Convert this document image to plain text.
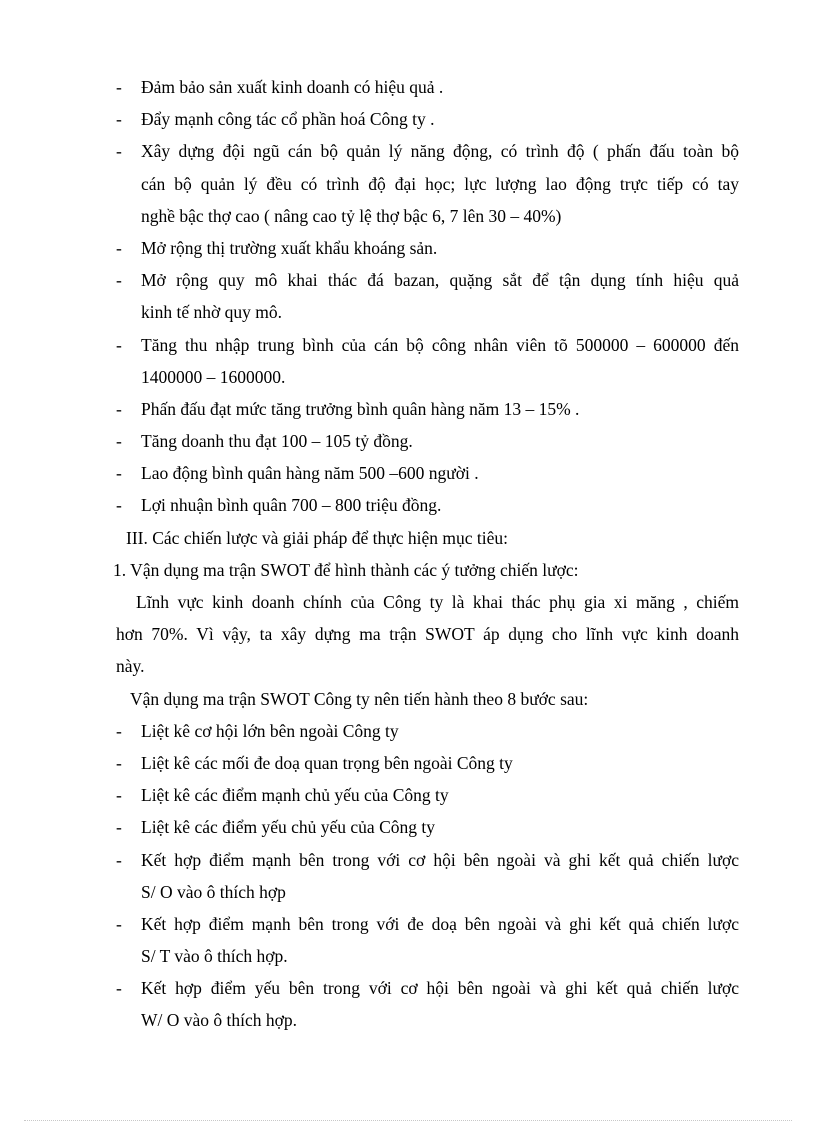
-	Đảm bảo sản xuất kinh doanh có hiệu quả .
-	Đẩy mạnh công tác cổ phần hoá Công ty .
-	Xây dựng đội ngũ cán bộ quản lý năng động, có trình độ ( phấn đấu toàn bộ
cán bộ quản lý đều có trình độ đại học; lực lượng lao động trực tiếp có tay
nghề bậc thợ cao ( nâng cao tỷ lệ thợ bậc 6, 7 lên 30 – 40%)
-	Mở rộng thị trường xuất khẩu khoáng sản.
-	Mở rộng quy mô khai thác đá bazan, quặng sắt để tận dụng tính hiệu quả
kinh tế nhờ quy mô.
-	Tăng thu nhập trung bình của cán bộ công nhân viên tõ 500000 – 600000 đến
1400000 – 1600000.
-	Phấn đấu đạt mức tăng trưởng bình quân hàng năm 13 – 15% .
-	Tăng doanh thu đạt 100 – 105 tỷ đồng.
-	Lao động bình quân hàng năm 500 –600 người .
-	Lợi nhuận bình quân 700 – 800 triệu đồng.
III. Các chiến lược và giải pháp để thực hiện mục tiêu:
1. Vận dụng ma trận SWOT để hình thành các ý tưởng chiến lược:
Lĩnh vực kinh doanh chính của Công ty là khai thác phụ gia xi măng , chiếm
hơn 70%. Vì vậy, ta xây dựng ma trận SWOT áp dụng cho lĩnh vực kinh doanh
này.
Vận dụng ma trận SWOT Công ty nên tiến hành theo 8 bước sau:
-	Liệt kê cơ hội lớn bên ngoài Công ty
-	Liệt kê các mối đe doạ quan trọng bên ngoài Công ty
-	Liệt kê các điểm mạnh chủ yếu của Công ty
-	Liệt kê các điểm yếu chủ yếu của Công ty
-	Kết hợp điểm mạnh bên trong với cơ hội bên ngoài và ghi kết quả chiến lược
S/ O vào ô thích hợp
-	Kết hợp điểm mạnh bên trong với đe doạ bên ngoài và ghi kết quả chiến lược
S/ T vào ô thích hợp.
-	Kết hợp điểm yếu bên trong với cơ hội bên ngoài và ghi kết quả chiến lược
W/ O vào ô thích hợp.
